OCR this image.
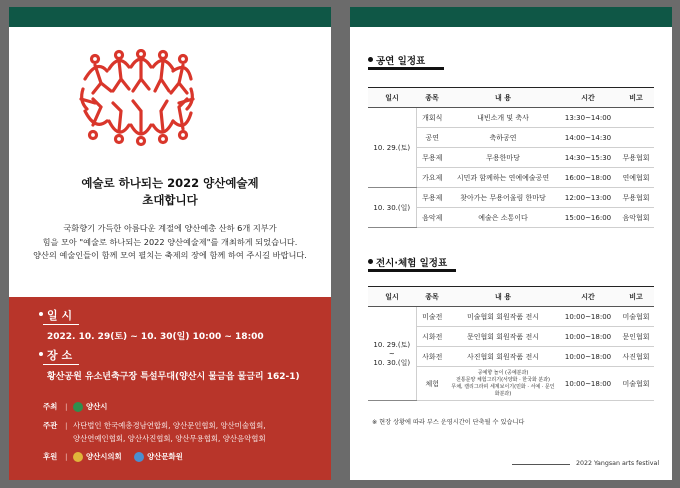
예술로 하나되는 2022 양산예술제
초대합니다
국화향기 가득한 아름다운 계절에 양산예총 산하 6개 지부가
힘을 모아 "예술로 하나되는 2022 양산예술제"를 개최하게 되었습니다.
양산의 예술인들이 함께 모여 펼치는 축제의 장에 함께 하여 주시길 바랍니다.
일 시
2022. 10. 29(토) ~ 10. 30(일) 10:00 ~ 18:00
장 소
황산공원 유소년축구장 특설무대(양산시 물금읍 물금리 162-1)
주최	|	양산시
주관	| 사단법인 한국예총경남연합회, 양산문인협회, 양산미술협회,
양산연예인협회, 양산사진협회, 양산무용협회, 양산음악협회
후원	|	양산시의회
	양산문화원
공연 일정표
일시	종목	내 용	시간	비고
10. 29.(토)	개회식	내빈소개 및 축사	13:30~14:00	
	공연	축하공연	14:00~14:30	
	무용제	무용한마당	14:30~15:30	무용협회
	가요제	시민과 함께하는 연예예술공연	16:00~18:00	연예협회
10. 30.(일)	무용제	찾아가는 무용어울림 한마당	12:00~13:00	무용협회
	음악제	예술은 소통이다	15:00~16:00	음악협회
전시·체험 일정표
일시	종목	내 용	시간	비고

10. 29.(토)
~
10. 30.(일)	미술전	미술협회 회원작품 전시	10:00~18:00	미술협회
	시화전	문인협회 회원작품 전시	10:00~18:00	문인협회
	사화전	사진협회 회원작품 전시	10:00~18:00	사진협회
	체험	공예향 놀이 (공예분과)
전통문양 체험그리기(서양화 · 한국화 분과)
무채, 캘리그라피 세계보이기(민화 · 서예 · 문인화분과)	10:00~18:00	미술협회
※ 현장 상황에 따라 부스 운영시간이 단축될 수 있습니다
2022 Yangsan arts festival
